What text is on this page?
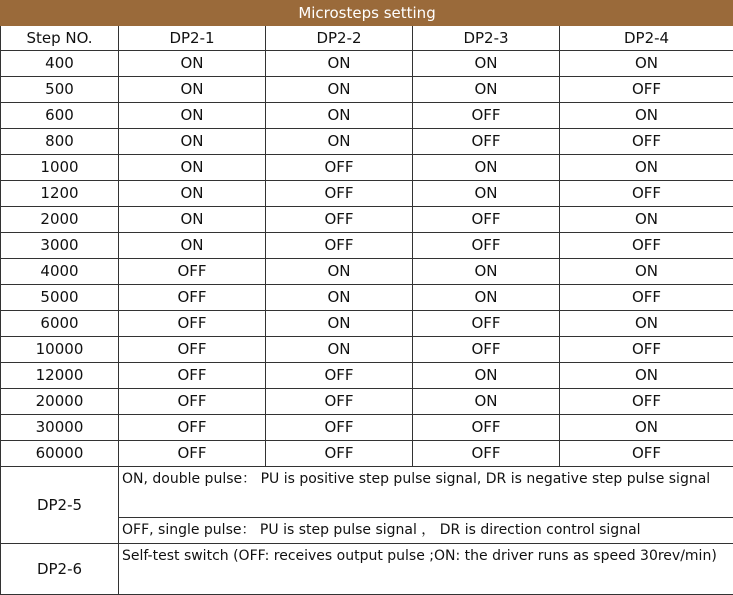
Microsteps setting				
Step NO.	DP2-1	DP2-2	DP2-3	DP2-4
400	ON	ON	ON	ON
500	ON	ON	ON	OFF
600	ON	ON	OFF	ON
800	ON	ON	OFF	OFF
1000	ON	OFF	ON	ON
1200	ON	OFF	ON	OFF
2000	ON	OFF	OFF	ON
3000	ON	OFF	OFF	OFF
4000	OFF	ON	ON	ON
5000	OFF	ON	ON	OFF
6000	OFF	ON	OFF	ON
10000	OFF	ON	OFF	OFF
12000	OFF	OFF	ON	ON
20000	OFF	OFF	ON	OFF
30000	OFF	OFF	OFF	ON
60000	OFF	OFF	OFF	OFF
DP2-5	ON, double pulse： PU is positive step pulse signal, DR is negative step pulse signal			
	OFF, single pulse： PU is step pulse signal ， DR is direction control signal			
DP2-6	Self-test switch (OFF: receives output pulse ;ON: the driver runs as speed 30rev/min)			
